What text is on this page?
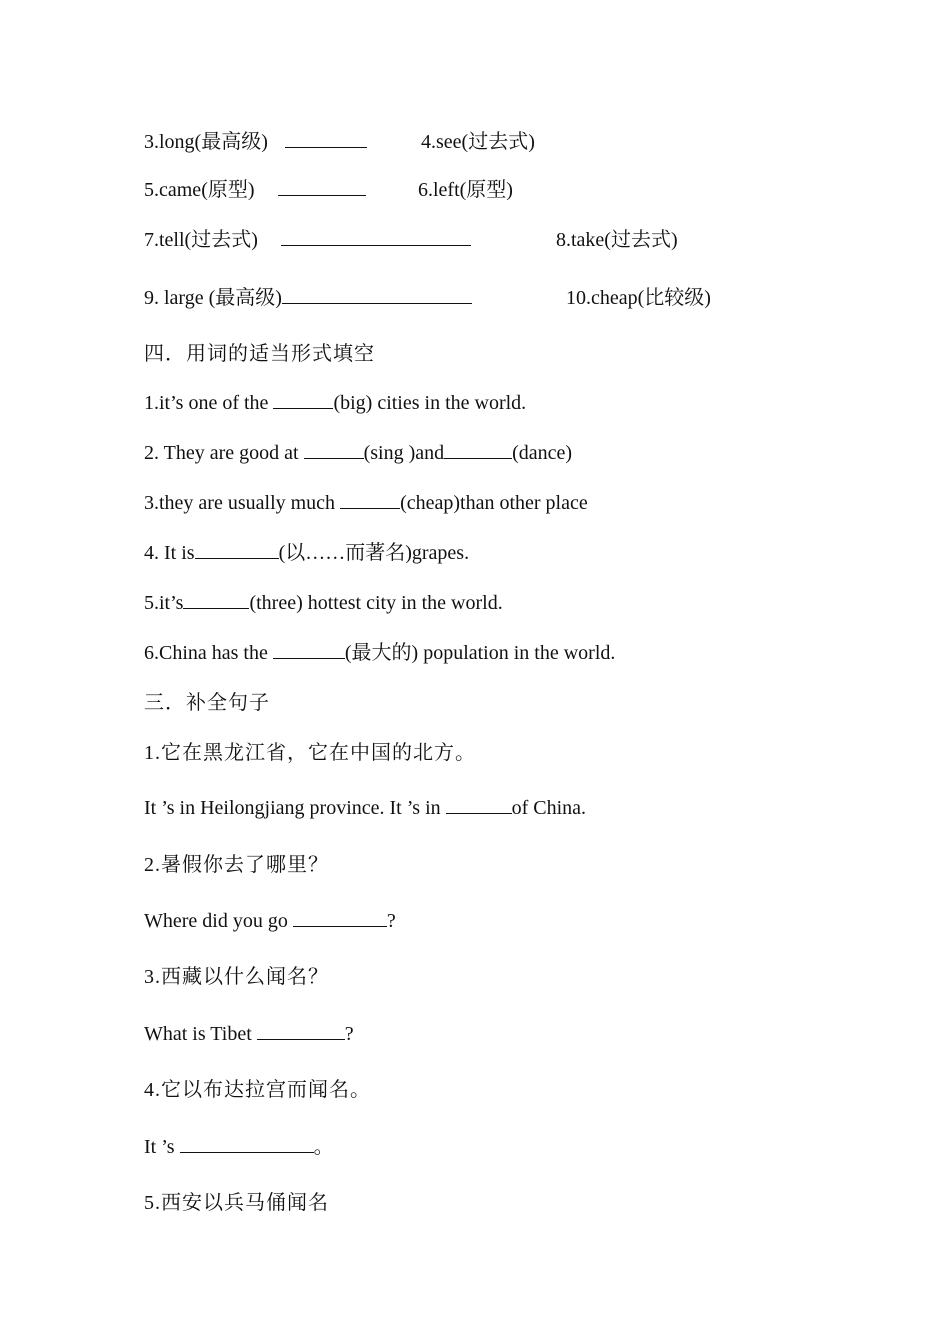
3.long(最高级)	4.see(过去式)
5.came(原型)	6.left(原型)
7.tell(过去式)	8.take(过去式)
9. large (最高级)	10.cheap(比较级)
四．用词的适当形式填空
1.it’s one of the	(big) cities in the world.
2. They are good at	(sing )and	(dance)
3.they are usually much	(cheap)than other place
4. It is	(以……而著名)grapes.
5.it’s	(three) hottest city in the world.
6.China has the	(最大的) population in the world.
三．补全句子
1.它在黑龙江省，它在中国的北方。
It ’s in Heilongjiang province. It ’s in	of China.
2.暑假你去了哪里？
Where did you go	?
3.西藏以什么闻名？
What is Tibet	?
4.它以布达拉宫而闻名。
It ’s	。
5.西安以兵马俑闻名
